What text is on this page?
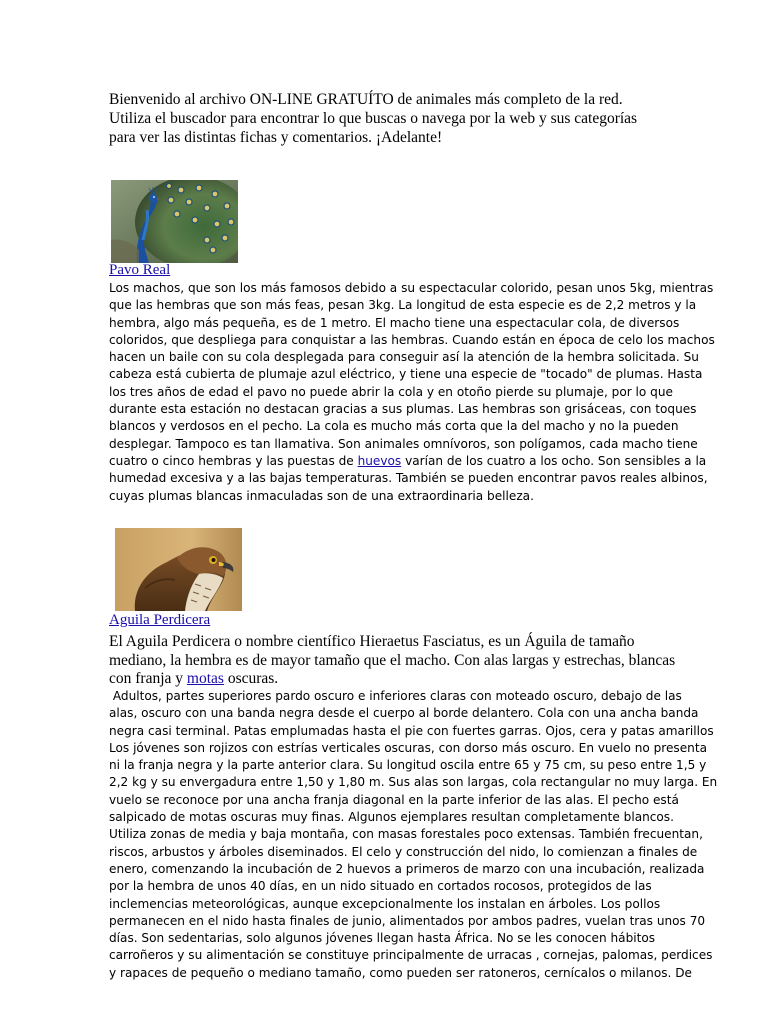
Bienvenido al archivo ON-LINE GRATUÍTO de animales más completo de la red.
Utiliza el buscador para encontrar lo que buscas o navega por la web y sus categorías
para ver las distintas fichas y comentarios. ¡Adelante!
Pavo Real
Los machos, que son los más famosos debido a su espectacular colorido, pesan unos 5kg, mientras
que las hembras que son más feas, pesan 3kg. La longitud de esta especie es de 2,2 metros y la
hembra, algo más pequeña, es de 1 metro. El macho tiene una espectacular cola, de diversos
coloridos, que despliega para conquistar a las hembras. Cuando están en época de celo los machos
hacen un baile con su cola desplegada para conseguir así la atención de la hembra solicitada. Su
cabeza está cubierta de plumaje azul eléctrico, y tiene una especie de "tocado" de plumas. Hasta
los tres años de edad el pavo no puede abrir la cola y en otoño pierde su plumaje, por lo que
durante esta estación no destacan gracias a sus plumas. Las hembras son grisáceas, con toques
blancos y verdosos en el pecho. La cola es mucho más corta que la del macho y no la pueden
desplegar. Tampoco es tan llamativa. Son animales omnívoros, son polígamos, cada macho tiene
cuatro o cinco hembras y las puestas de huevos varían de los cuatro a los ocho. Son sensibles a la
humedad excesiva y a las bajas temperaturas. También se pueden encontrar pavos reales albinos,
cuyas plumas blancas inmaculadas son de una extraordinaria belleza.
Aguila Perdicera
El Aguila Perdicera o nombre científico Hieraetus Fasciatus, es un Águila de tamaño
mediano, la hembra es de mayor tamaño que el macho. Con alas largas y estrechas, blancas
con franja y motas oscuras.
Adultos, partes superiores pardo oscuro e inferiores claras con moteado oscuro, debajo de las
alas, oscuro con una banda negra desde el cuerpo al borde delantero. Cola con una ancha banda
negra casi terminal. Patas emplumadas hasta el pie con fuertes garras. Ojos, cera y patas amarillos
Los jóvenes son rojizos con estrías verticales oscuras, con dorso más oscuro. En vuelo no presenta
ni la franja negra y la parte anterior clara. Su longitud oscila entre 65 y 75 cm, su peso entre 1,5 y
2,2 kg y su envergadura entre 1,50 y 1,80 m. Sus alas son largas, cola rectangular no muy larga. En
vuelo se reconoce por una ancha franja diagonal en la parte inferior de las alas. El pecho está
salpicado de motas oscuras muy finas. Algunos ejemplares resultan completamente blancos.
Utiliza zonas de media y baja montaña, con masas forestales poco extensas. También frecuentan,
riscos, arbustos y árboles diseminados. El celo y construcción del nido, lo comienzan a finales de
enero, comenzando la incubación de 2 huevos a primeros de marzo con una incubación, realizada
por la hembra de unos 40 días, en un nido situado en cortados rocosos, protegidos de las
inclemencias meteorológicas, aunque excepcionalmente los instalan en árboles. Los pollos
permanecen en el nido hasta finales de junio, alimentados por ambos padres, vuelan tras unos 70
días. Son sedentarias, solo algunos jóvenes llegan hasta África. No se les conocen hábitos
carroñeros y su alimentación se constituye principalmente de urracas , cornejas, palomas, perdices
y rapaces de pequeño o mediano tamaño, como pueden ser ratoneros, cernícalos o milanos. De
